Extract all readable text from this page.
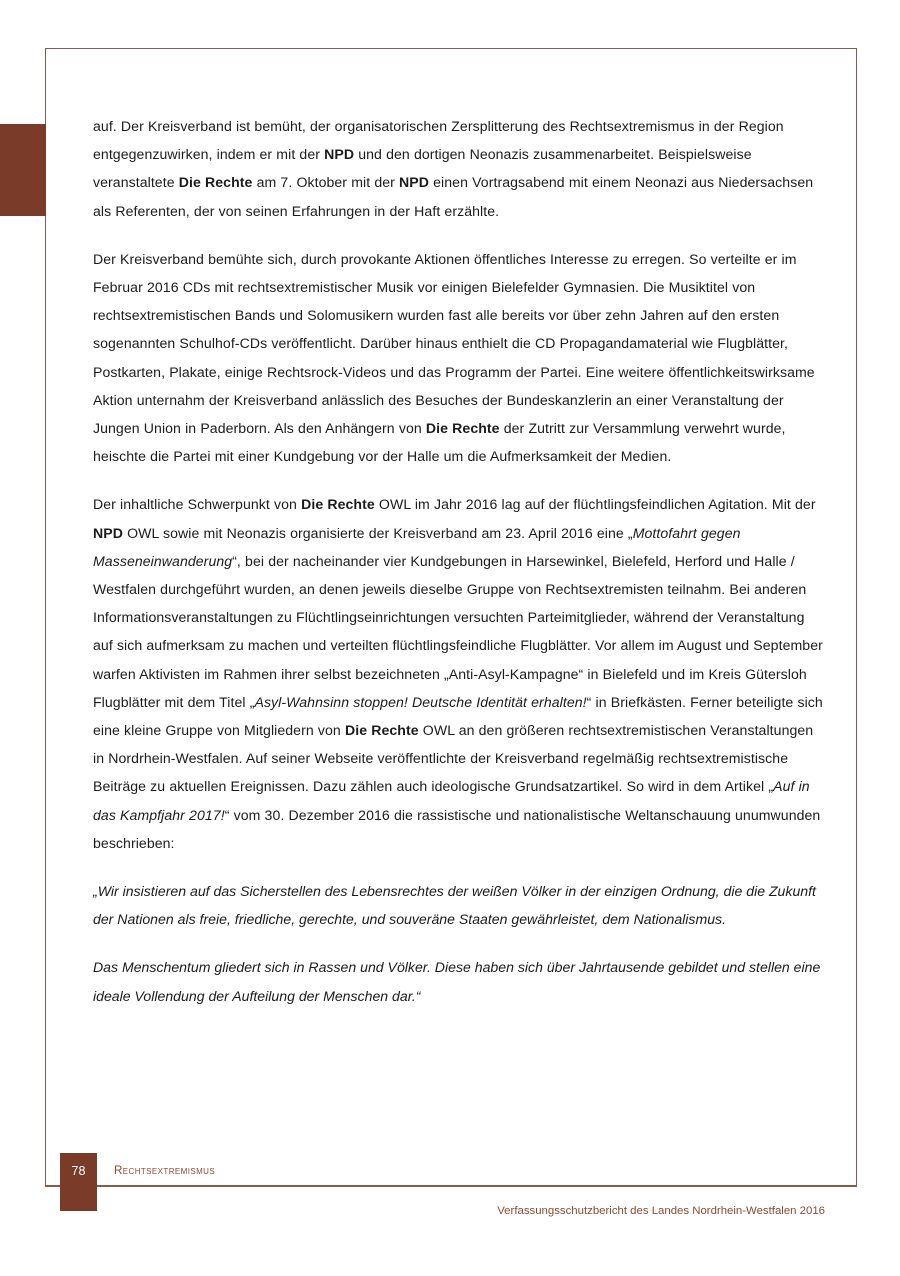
auf. Der Kreisverband ist bemüht, der organisatorischen Zersplitterung des Rechtsextremismus in der Region entgegenzuwirken, indem er mit der NPD und den dortigen Neonazis zusammenarbeitet. Beispielsweise veranstaltete Die Rechte am 7. Oktober mit der NPD einen Vortragsabend mit einem Neonazi aus Niedersachsen als Referenten, der von seinen Erfahrungen in der Haft erzählte.

Der Kreisverband bemühte sich, durch provokante Aktionen öffentliches Interesse zu erregen. So verteilte er im Februar 2016 CDs mit rechtsextremistischer Musik vor einigen Bielefelder Gymnasien. Die Musiktitel von rechtsextremistischen Bands und Solomusikern wurden fast alle bereits vor über zehn Jahren auf den ersten sogenannten Schulhof-CDs veröffentlicht. Darüber hinaus enthielt die CD Propagandamaterial wie Flugblätter, Postkarten, Plakate, einige Rechtsrock-Videos und das Programm der Partei. Eine weitere öffentlichkeitswirksame Aktion unternahm der Kreisverband anlässlich des Besuches der Bundeskanzlerin an einer Veranstaltung der Jungen Union in Paderborn. Als den Anhängern von Die Rechte der Zutritt zur Versammlung verwehrt wurde, heischte die Partei mit einer Kundgebung vor der Halle um die Aufmerksamkeit der Medien.

Der inhaltliche Schwerpunkt von Die Rechte OWL im Jahr 2016 lag auf der flüchtlingsfeindlichen Agitation. Mit der NPD OWL sowie mit Neonazis organisierte der Kreisverband am 23. April 2016 eine „Mottofahrt gegen Masseneinwanderung“, bei der nacheinander vier Kundgebungen in Harsewinkel, Bielefeld, Herford und Halle / Westfalen durchgeführt wurden, an denen jeweils dieselbe Gruppe von Rechtsextremisten teilnahm. Bei anderen Informationsveranstaltungen zu Flüchtlingseinrichtungen versuchten Parteimitglieder, während der Veranstaltung auf sich aufmerksam zu machen und verteilten flüchtlingsfeindliche Flugblätter. Vor allem im August und September warfen Aktivisten im Rahmen ihrer selbst bezeichneten „Anti-Asyl-Kampagne“ in Bielefeld und im Kreis Gütersloh Flugblätter mit dem Titel „Asyl-Wahnsinn stoppen! Deutsche Identität erhalten!“ in Briefkästen. Ferner beteiligte sich eine kleine Gruppe von Mitgliedern von Die Rechte OWL an den größeren rechtsextremistischen Veranstaltungen in Nordrhein-Westfalen. Auf seiner Webseite veröffentlichte der Kreisverband regelmäßig rechtsextremistische Beiträge zu aktuellen Ereignissen. Dazu zählen auch ideologische Grundsatzartikel. So wird in dem Artikel „Auf in das Kampfjahr 2017!“ vom 30. Dezember 2016 die rassistische und nationalistische Weltanschauung unumwunden beschrieben:

„Wir insistieren auf das Sicherstellen des Lebensrechtes der weißen Völker in der einzigen Ordnung, die die Zukunft der Nationen als freie, friedliche, gerechte, und souveräne Staaten gewährleistet, dem Nationalismus.

Das Menschentum gliedert sich in Rassen und Völker. Diese haben sich über Jahrtausende gebildet und stellen eine ideale Vollendung der Aufteilung der Menschen dar.“

78	Rechtsextremismus
Verfassungsschutzbericht des Landes Nordrhein-Westfalen 2016
